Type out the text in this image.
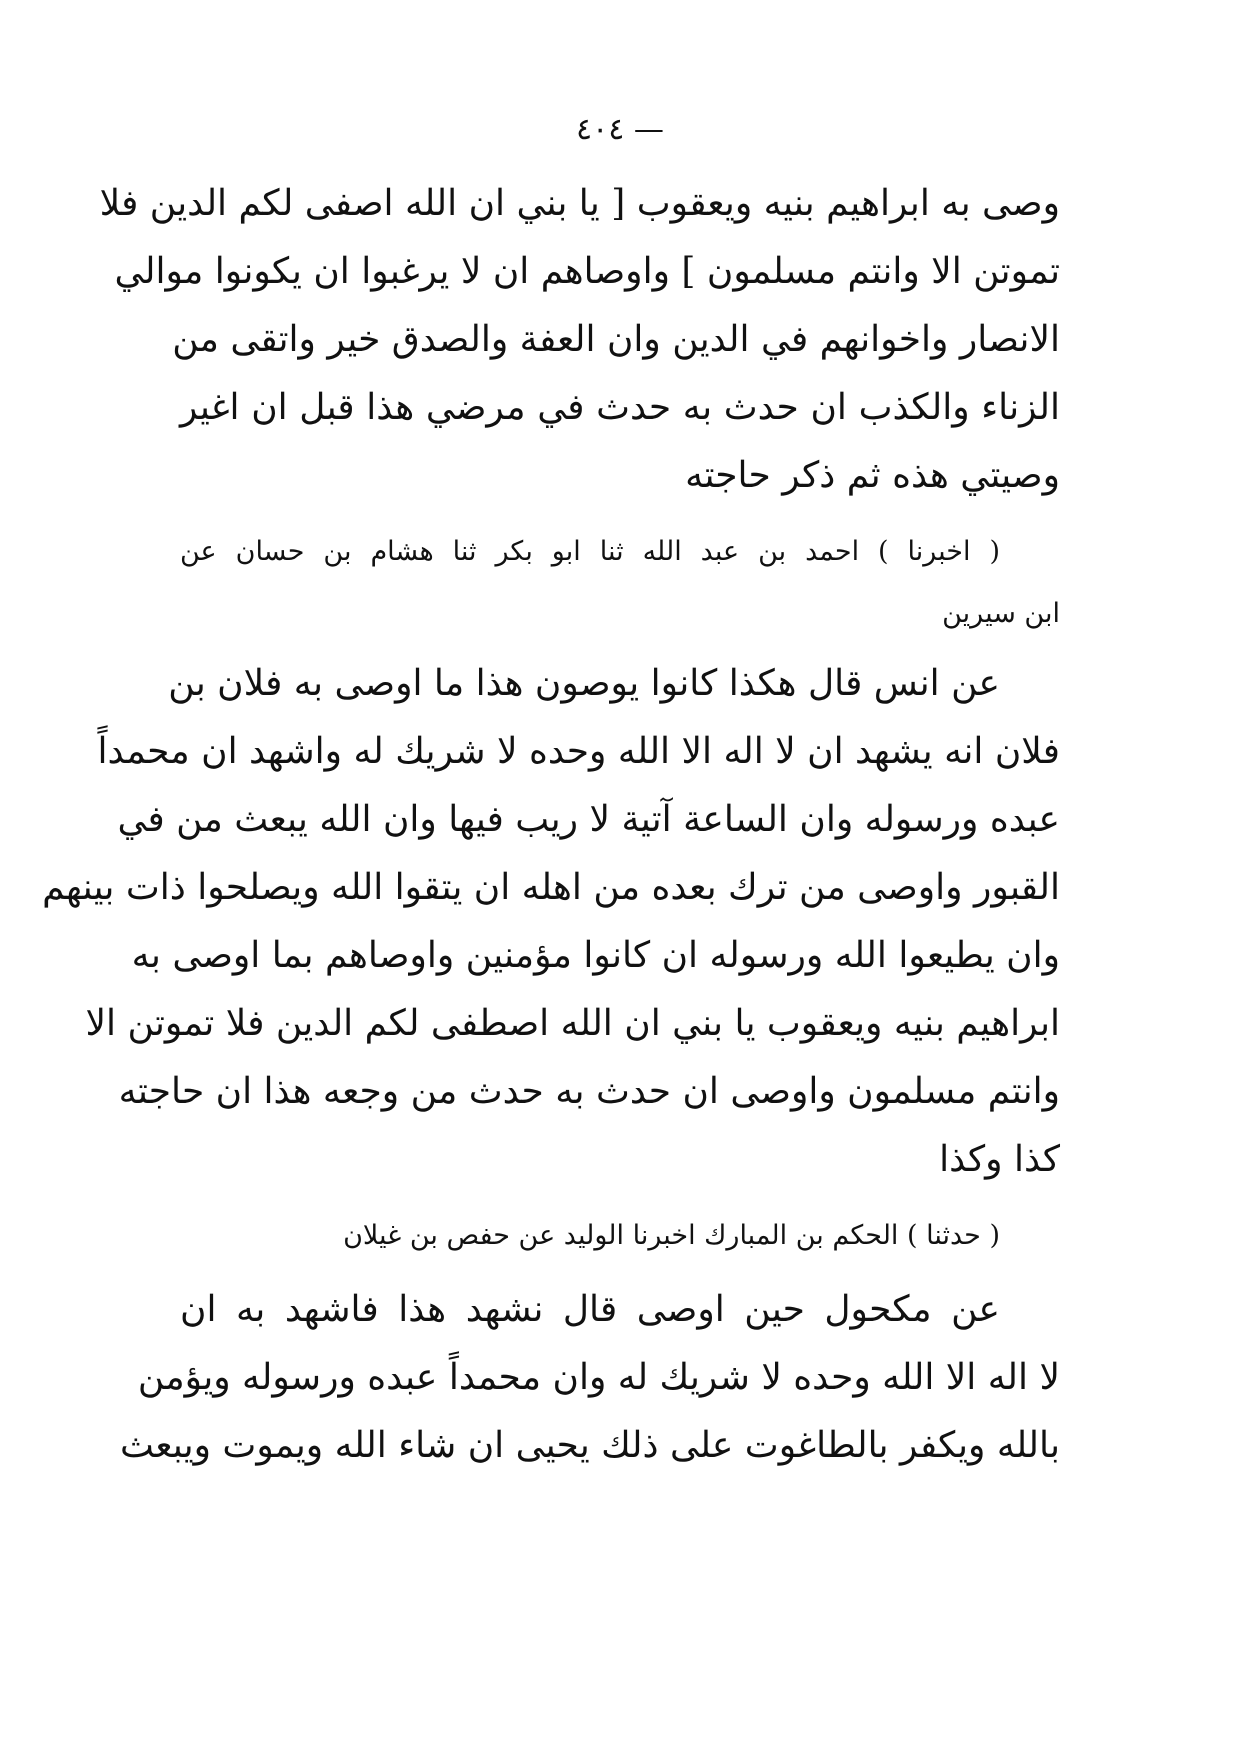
— ٤٠٤
وصى به ابراهيم بنيه ويعقوب [ يا بني ان الله اصفى لكم الدين فلا
تموتن الا وانتم مسلمون ] واوصاهم ان لا يرغبوا ان يكونوا موالي
الانصار واخوانهم في الدين وان العفة والصدق خير واتقى من
الزناء والكذب ان حدث به حدث في مرضي هذا قبل ان اغير
وصيتي هذه ثم ذكر حاجته
( اخبرنا ) احمد بن عبد الله ثنا ابو بكر ثنا هشام بن حسان عن
ابن سيرين
عن انس قال هكذا كانوا يوصون هذا ما اوصى به فلان بن
فلان انه يشهد ان لا اله الا الله وحده لا شريك له واشهد ان محمداً
عبده ورسوله وان الساعة آتية لا ريب فيها وان الله يبعث من في
القبور واوصى من ترك بعده من اهله ان يتقوا الله ويصلحوا ذات بينهم
وان يطيعوا الله ورسوله ان كانوا مؤمنين واوصاهم بما اوصى به
ابراهيم بنيه ويعقوب يا بني ان الله اصطفى لكم الدين فلا تموتن الا
وانتم مسلمون واوصى ان حدث به حدث من وجعه هذا ان حاجته
كذا وكذا
( حدثنا ) الحكم بن المبارك اخبرنا الوليد عن حفص بن غيلان
عن مكحول حين اوصى قال نشهد هذا فاشهد به ان
لا اله الا الله وحده لا شريك له وان محمداً عبده ورسوله ويؤمن
بالله ويكفر بالطاغوت على ذلك يحيى ان شاء الله ويموت ويبعث
